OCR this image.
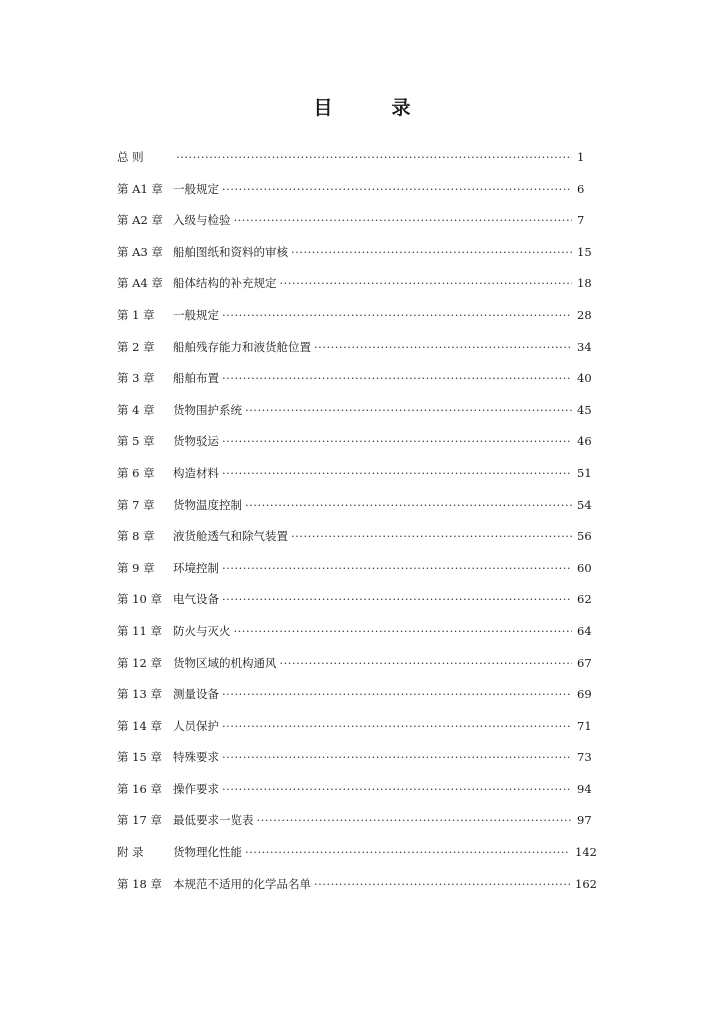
目　录
总 则 ·····	1
第 A1 章 一般规定 ·····	6
第 A2 章 入级与检验 ·····	7
第 A3 章 船舶图纸和资料的审核 ·····	15
第 A4 章 船体结构的补充规定 ·····	18
第 1 章	一般规定 ·····	28
第 2 章	船舶残存能力和液货舱位置 ·····	34
第 3 章	船舶布置 ·····	40
第 4 章	货物围护系统 ·····	45
第 5 章	货物驳运 ·····	46
第 6 章	构造材料 ·····	51
第 7 章	货物温度控制 ·····	54
第 8 章	液货舱透气和除气装置 ·····	56
第 9 章	环境控制 ·····	60
第 10 章 电气设备 ·····	62
第 11 章 防火与灭火 ·····	64
第 12 章 货物区域的机构通风 ·····	67
第 13 章 测量设备 ·····	69
第 14 章 人员保护 ·····	71
第 15 章 特殊要求 ·····	73
第 16 章 操作要求 ·····	94
第 17 章 最低要求一览表 ·····	97
附 录	货物理化性能 ·····	142
第 18 章 本规范不适用的化学品名单 ·····	162
